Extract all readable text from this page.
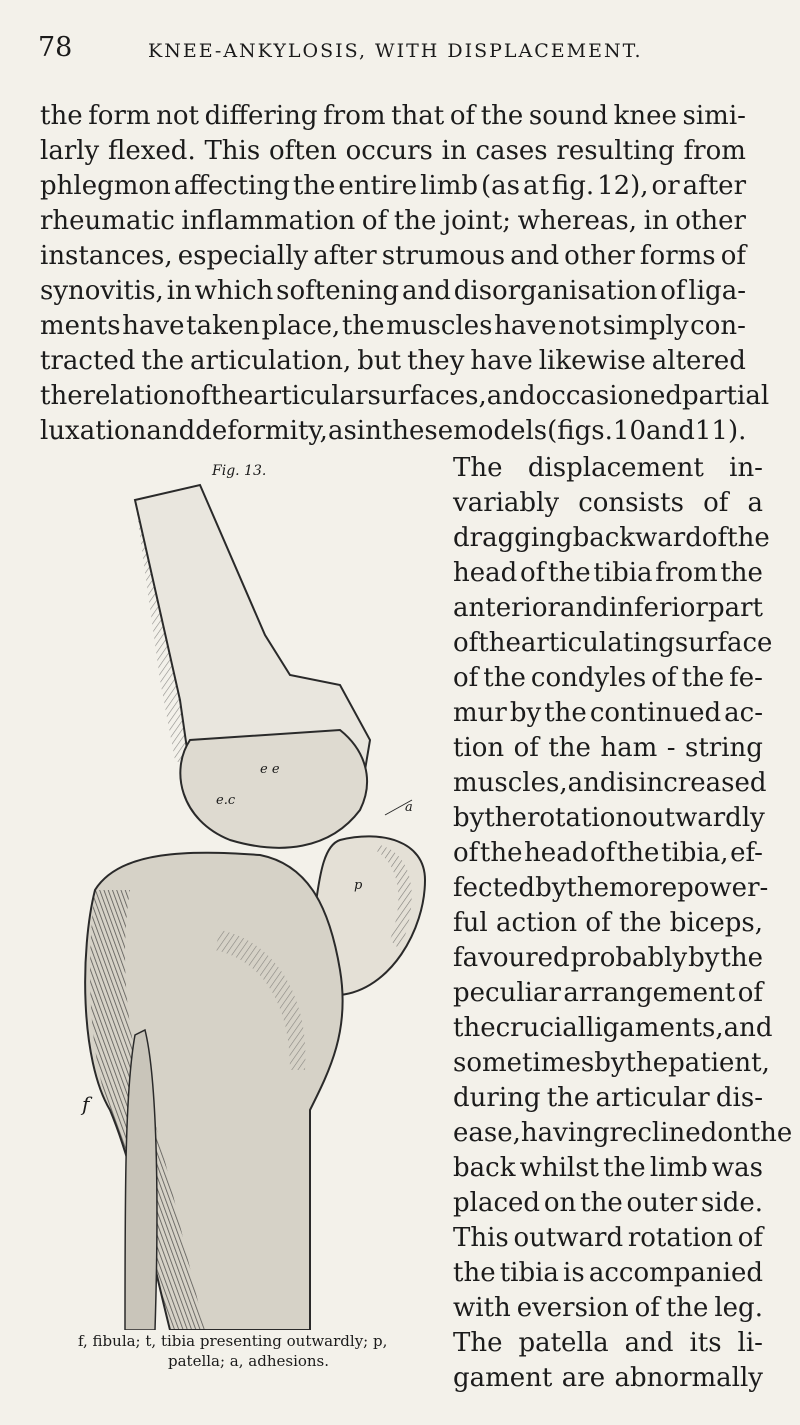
78	KNEE-ANKYLOSIS, WITH DISPLACEMENT.
the form not differing from that of the sound knee simi-
larly flexed. This often occurs in cases resulting from
phlegmon affecting the entire limb (as at fig. 12), or after
rheumatic inflammation of the joint; whereas, in other
instances, especially after strumous and other forms of
synovitis, in which softening and disorganisation of liga-
ments have taken place, the muscles have not simply con-
tracted the articulation, but they have likewise altered
the relation of the articular surfaces, and occasioned partial
luxation and deformity, as in these models (figs. 10 and 11).
The displacement in-
variably consists of a
dragging backward of the
head of the tibia from the
anterior and inferior part
of the articulating surface
of the condyles of the fe-
mur by the continued ac-
tion of the ham - string
muscles, and is increased
by the rotation outwardly
of the head of the tibia, ef-
fected by the more power-
ful action of the biceps,
favoured probably by the
peculiar arrangement of
the crucial ligaments, and
sometimes by the patient,
during the articular dis-
ease, having reclined on the
back whilst the limb was
placed on the outer side.
This outward rotation of
the tibia is accompanied
with eversion of the leg.
The patella and its li-
gament are abnormally
Fig. 13.
e.c
e e
a
p
f
f, fibula; t, tibia presenting outwardly; p,
patella; a, adhesions.
